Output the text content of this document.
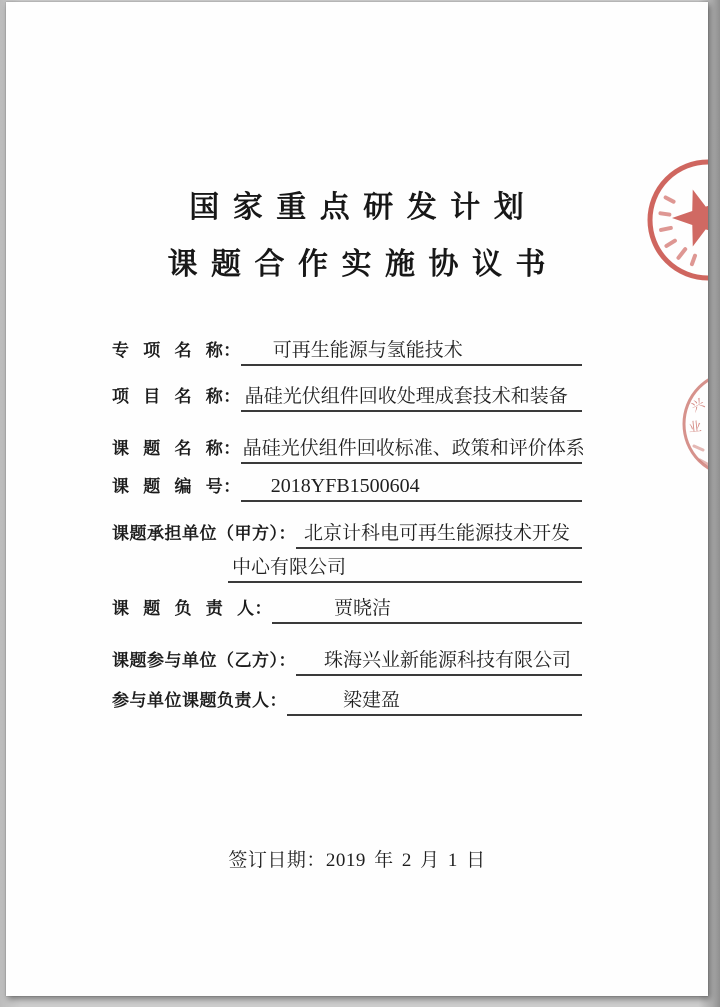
国 家 重 点 研 发 计 划
课 题 合 作 实 施 协 议 书
专 项 名 称：	可再生能源与氢能技术
项 目 名 称： 晶硅光伏组件回收处理成套技术和装备
课 题 名 称： 晶硅光伏组件回收标准、政策和评价体系
课 题 编 号：	2018YFB1500604
课题承担单位（甲方）： 北京计科电可再生能源技术开发
中心有限公司
课 题 负 责 人：	贾晓洁
课题参与单位（乙方）：	珠海兴业新能源科技有限公司
参与单位课题负责人：	梁建盈
签订日期：2019 年 2 月 1 日
兴
业
